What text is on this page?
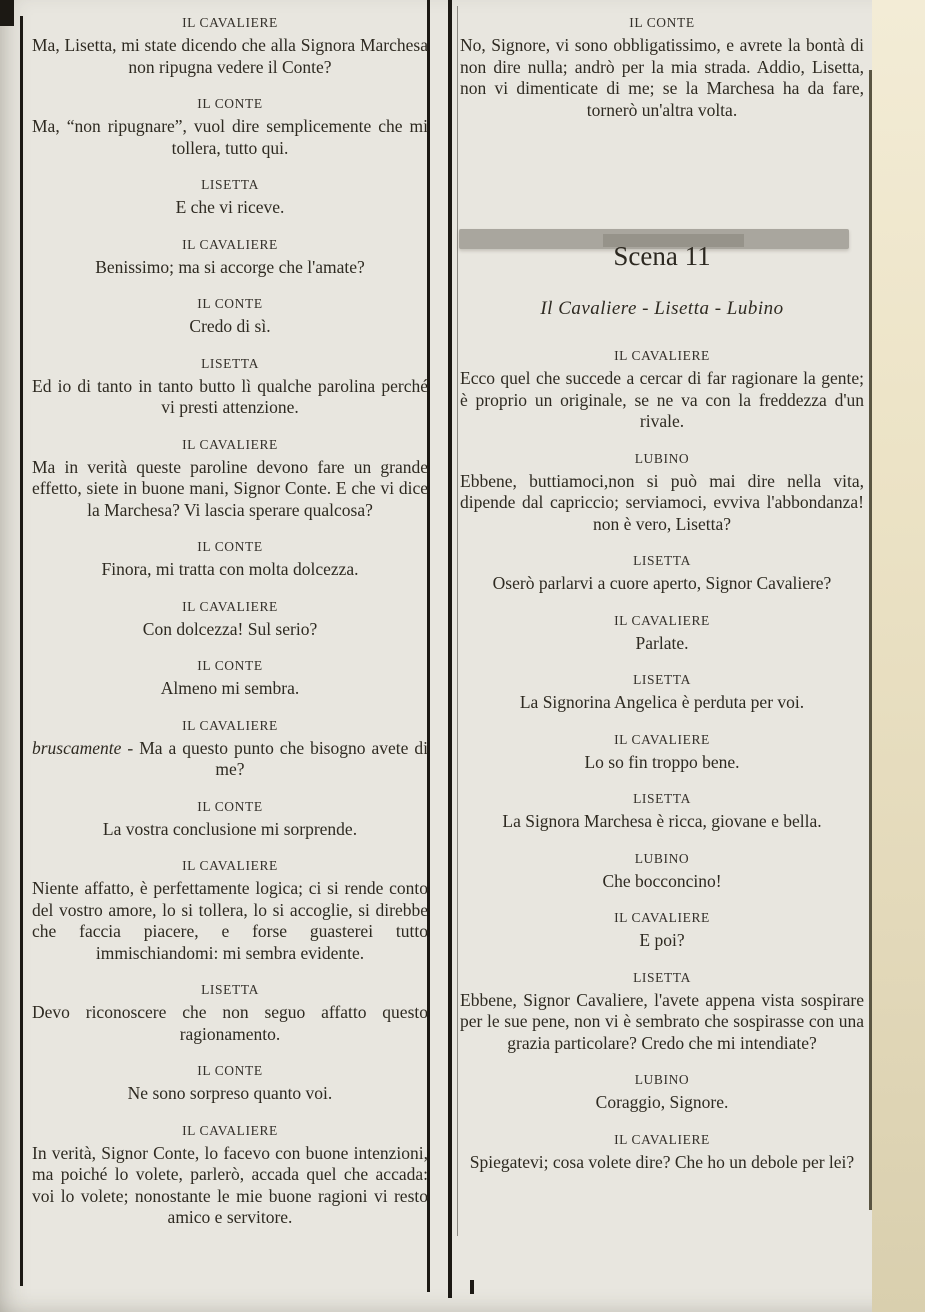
IL CAVALIERE

Ma, Lisetta, mi state dicendo che alla Signora Marchesa non ripugna vedere il Conte?

IL CONTE

Ma, “non ripugnare”, vuol dire semplicemente che mi tollera, tutto qui.

LISETTA

E che vi riceve.

IL CAVALIERE

Benissimo; ma si accorge che l'amate?

IL CONTE

Credo di sì.

LISETTA

Ed io di tanto in tanto butto lì qualche parolina perché vi presti attenzione.

IL CAVALIERE

Ma in verità queste paroline devono fare un grande effetto, siete in buone mani, Signor Conte. E che vi dice la Marchesa? Vi lascia sperare qualcosa?

IL CONTE

Finora, mi tratta con molta dolcezza.

IL CAVALIERE

Con dolcezza! Sul serio?

IL CONTE

Almeno mi sembra.

IL CAVALIERE

bruscamente - Ma a questo punto che bisogno avete di me?

IL CONTE

La vostra conclusione mi sorprende.

IL CAVALIERE

Niente affatto, è perfettamente logica; ci si rende conto del vostro amore, lo si tollera, lo si accoglie, si direbbe che faccia piacere, e forse guasterei tutto immischiandomi: mi sembra evidente.

LISETTA

Devo riconoscere che non seguo affatto questo ragionamento.

IL CONTE

Ne sono sorpreso quanto voi.

IL CAVALIERE

In verità, Signor Conte, lo facevo con buone intenzioni, ma poiché lo volete, parlerò, accada quel che accada: voi lo volete; nonostante le mie buone ragioni vi resto amico e servitore.

IL CONTE

No, Signore, vi sono obbligatissimo, e avrete la bontà di non dire nulla; andrò per la mia strada. Addio, Lisetta, non vi dimenticate di me; se la Marchesa ha da fare, tornerò un'altra volta.

Scena 11
Il Cavaliere - Lisetta - Lubino
IL CAVALIERE

Ecco quel che succede a cercar di far ragionare la gente; è proprio un originale, se ne va con la freddezza d'un rivale.

LUBINO

Ebbene, buttiamoci,non si può mai dire nella vita, dipende dal capriccio; serviamoci, evviva l'abbondanza! non è vero, Lisetta?

LISETTA

Oserò parlarvi a cuore aperto, Signor Cavaliere?

IL CAVALIERE

Parlate.

LISETTA

La Signorina Angelica è perduta per voi.

IL CAVALIERE

Lo so fin troppo bene.

LISETTA

La Signora Marchesa è ricca, giovane e bella.

LUBINO

Che bocconcino!

IL CAVALIERE

E poi?

LISETTA

Ebbene, Signor Cavaliere, l'avete appena vista sospirare per le sue pene, non vi è sembrato che sospirasse con una grazia particolare? Credo che mi intendiate?

LUBINO

Coraggio, Signore.

IL CAVALIERE

Spiegatevi; cosa volete dire? Che ho un debole per lei?
